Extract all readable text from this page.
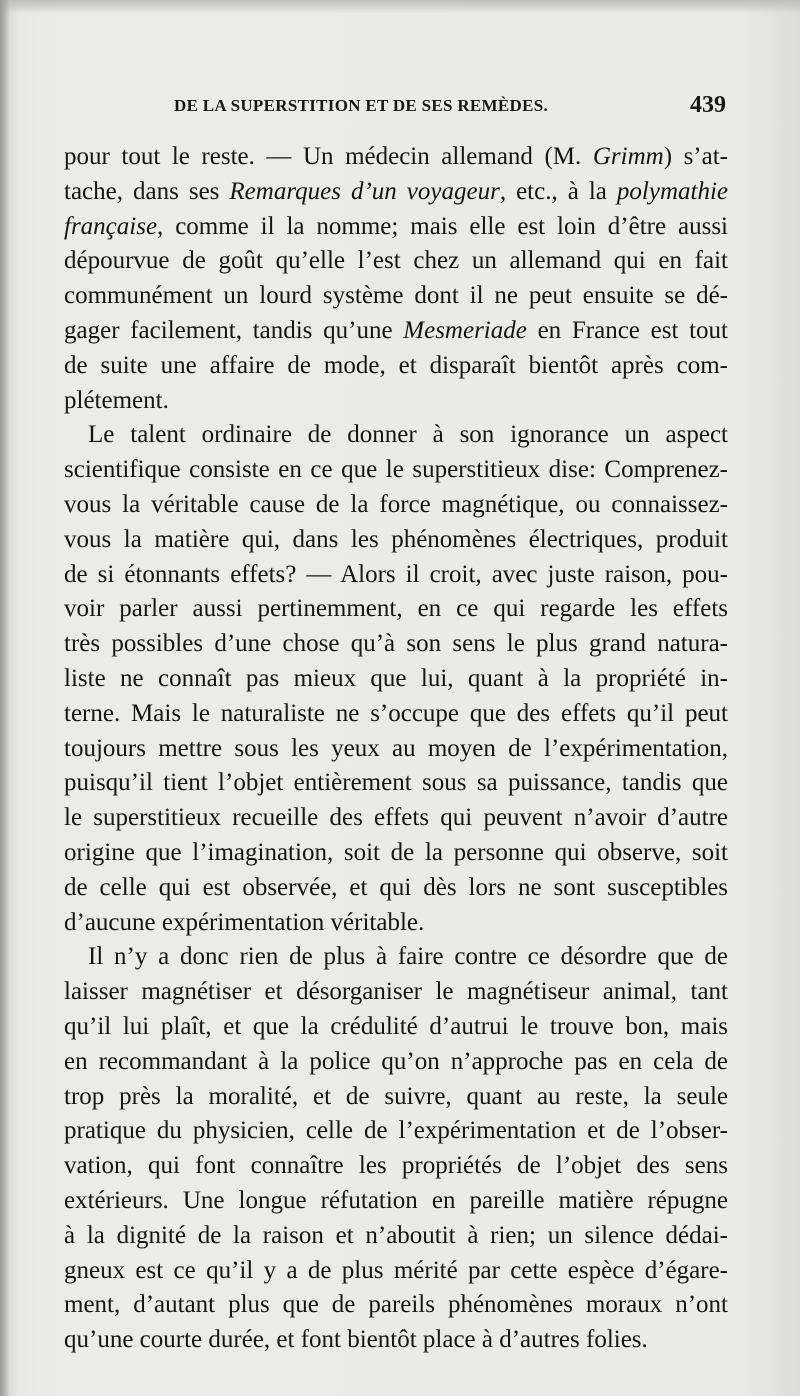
DE LA SUPERSTITION ET DE SES REMÈDES.	439
pour tout le reste. — Un médecin allemand (M. Grimm) s’at-
tache, dans ses Remarques d’un voyageur, etc., à la polymathie
française, comme il la nomme; mais elle est loin d’être aussi
dépourvue de goût qu’elle l’est chez un allemand qui en fait
communément un lourd système dont il ne peut ensuite se dé-
gager facilement, tandis qu’une Mesmeriade en France est tout
de suite une affaire de mode, et disparaît bientôt après com-
plétement.
Le talent ordinaire de donner à son ignorance un aspect
scientifique consiste en ce que le superstitieux dise: Comprenez-
vous la véritable cause de la force magnétique, ou connaissez-
vous la matière qui, dans les phénomènes électriques, produit
de si étonnants effets? — Alors il croit, avec juste raison, pou-
voir parler aussi pertinemment, en ce qui regarde les effets
très possibles d’une chose qu’à son sens le plus grand natura-
liste ne connaît pas mieux que lui, quant à la propriété in-
terne. Mais le naturaliste ne s’occupe que des effets qu’il peut
toujours mettre sous les yeux au moyen de l’expérimentation,
puisqu’il tient l’objet entièrement sous sa puissance, tandis que
le superstitieux recueille des effets qui peuvent n’avoir d’autre
origine que l’imagination, soit de la personne qui observe, soit
de celle qui est observée, et qui dès lors ne sont susceptibles
d’aucune expérimentation véritable.
Il n’y a donc rien de plus à faire contre ce désordre que de
laisser magnétiser et désorganiser le magnétiseur animal, tant
qu’il lui plaît, et que la crédulité d’autrui le trouve bon, mais
en recommandant à la police qu’on n’approche pas en cela de
trop près la moralité, et de suivre, quant au reste, la seule
pratique du physicien, celle de l’expérimentation et de l’obser-
vation, qui font connaître les propriétés de l’objet des sens
extérieurs. Une longue réfutation en pareille matière répugne
à la dignité de la raison et n’aboutit à rien; un silence dédai-
gneux est ce qu’il y a de plus mérité par cette espèce d’égare-
ment, d’autant plus que de pareils phénomènes moraux n’ont
qu’une courte durée, et font bientôt place à d’autres folies.
